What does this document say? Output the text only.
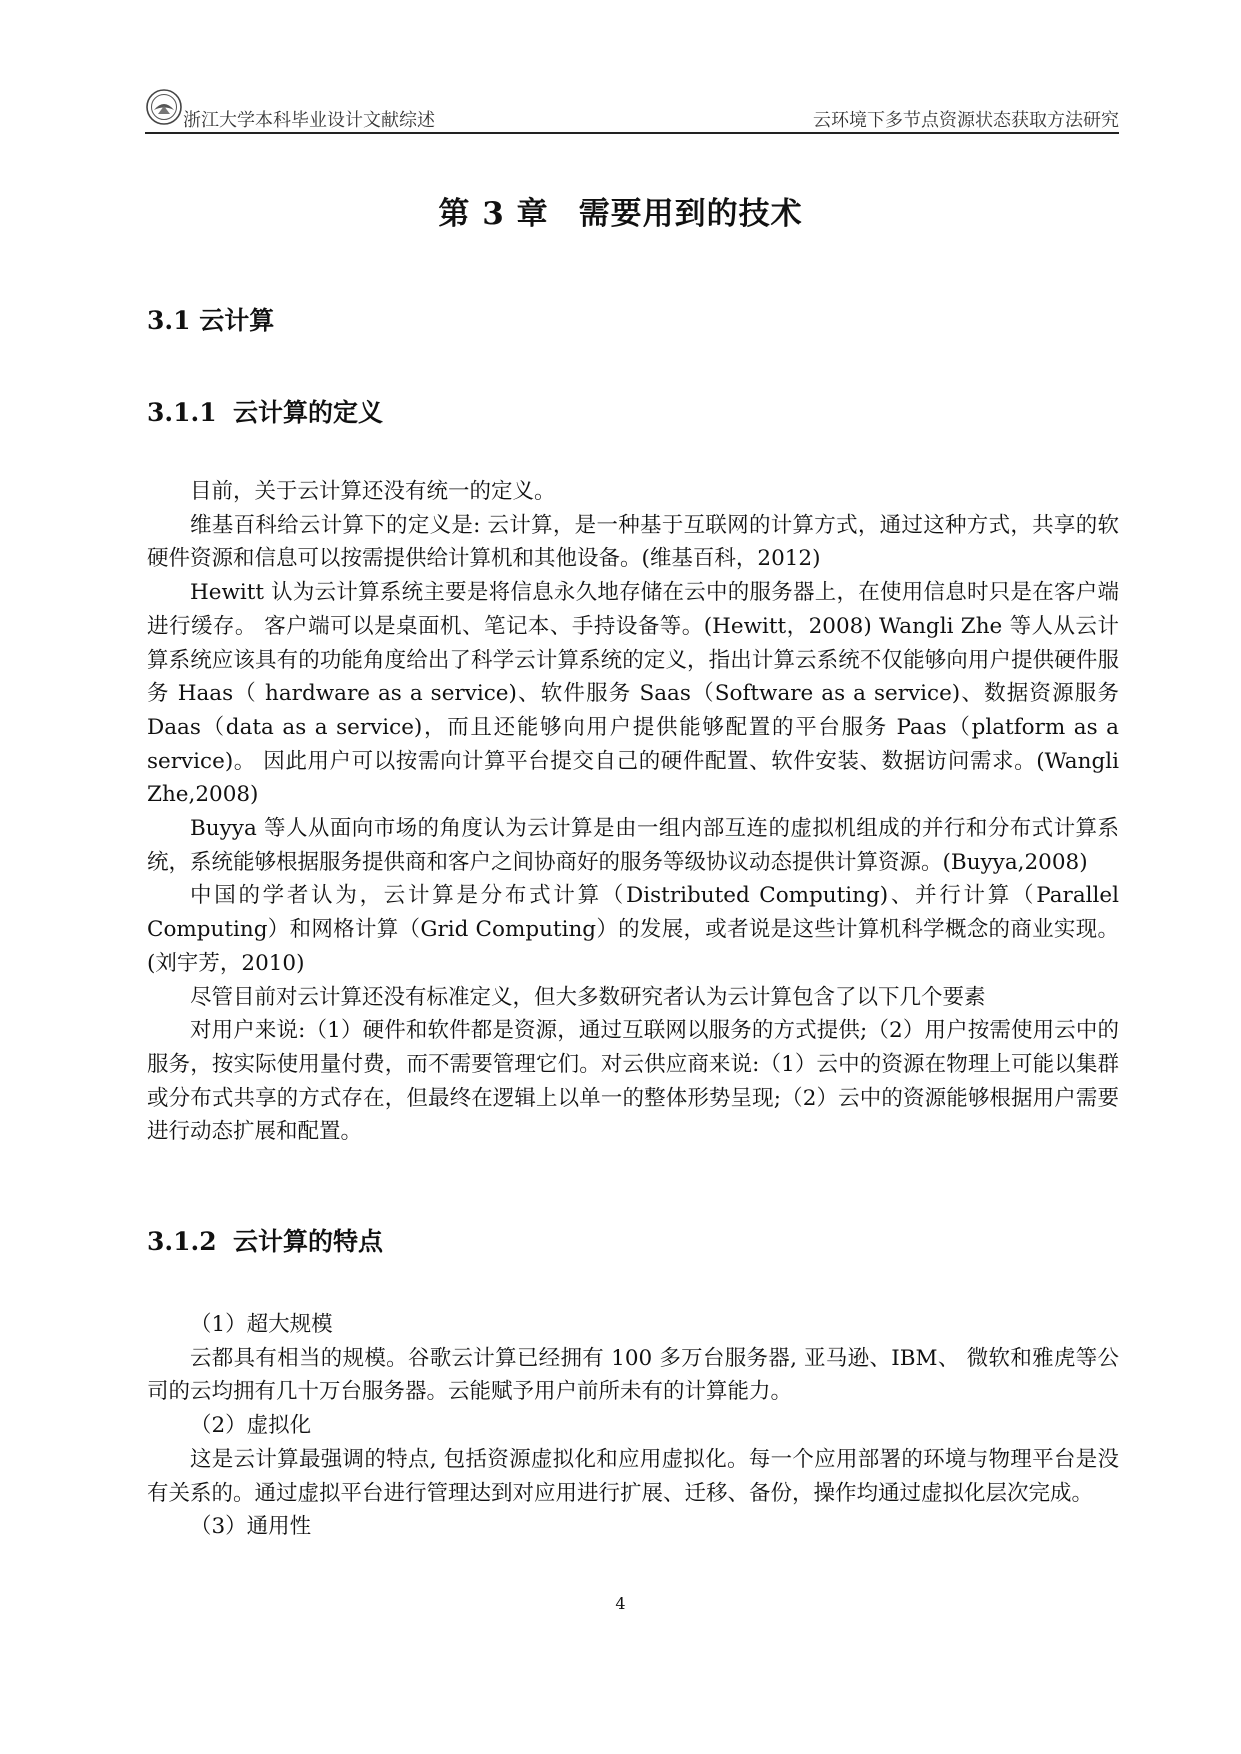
浙江大学本科毕业设计文献综述	云环境下多节点资源状态获取方法研究
第 3 章 需要用到的技术
3.1 云计算
3.1.1 云计算的定义

目前，关于云计算还没有统一的定义。

维基百科给云计算下的定义是: 云计算，是一种基于互联网的计算方式，通过这种方式，共享的软硬件资源和信息可以按需提供给计算机和其他设备。(维基百科，2012)

Hewitt 认为云计算系统主要是将信息永久地存储在云中的服务器上，在使用信息时只是在客户端进行缓存。 客户端可以是桌面机、笔记本、手持设备等。(Hewitt，2008) Wangli Zhe 等人从云计算系统应该具有的功能角度给出了科学云计算系统的定义，指出计算云系统不仅能够向用户提供硬件服务 Haas（ hardware as a service)、软件服务 Saas（Software as a service)、数据资源服务 Daas（data as a service)，而且还能够向用户提供能够配置的平台服务 Paas（platform as a service)。 因此用户可以按需向计算平台提交自己的硬件配置、软件安装、数据访问需求。(Wangli Zhe,2008)

Buyya 等人从面向市场的角度认为云计算是由一组内部互连的虚拟机组成的并行和分布式计算系统，系统能够根据服务提供商和客户之间协商好的服务等级协议动态提供计算资源。(Buyya,2008)

中国的学者认为，云计算是分布式计算（Distributed Computing)、并行计算（Parallel Computing）和网格计算（Grid Computing）的发展，或者说是这些计算机科学概念的商业实现。(刘宇芳，2010)

尽管目前对云计算还没有标准定义，但大多数研究者认为云计算包含了以下几个要素

对用户来说:（1）硬件和软件都是资源，通过互联网以服务的方式提供;（2）用户按需使用云中的服务，按实际使用量付费，而不需要管理它们。对云供应商来说:（1）云中的资源在物理上可能以集群或分布式共享的方式存在，但最终在逻辑上以单一的整体形势呈现;（2）云中的资源能够根据用户需要进行动态扩展和配置。

3.1.2 云计算的特点

（1）超大规模

云都具有相当的规模。谷歌云计算已经拥有 100 多万台服务器, 亚马逊、IBM、 微软和雅虎等公司的云均拥有几十万台服务器。云能赋予用户前所未有的计算能力。

（2）虚拟化

这是云计算最强调的特点, 包括资源虚拟化和应用虚拟化。每一个应用部署的环境与物理平台是没有关系的。通过虚拟平台进行管理达到对应用进行扩展、迁移、备份，操作均通过虚拟化层次完成。

（3）通用性

4
